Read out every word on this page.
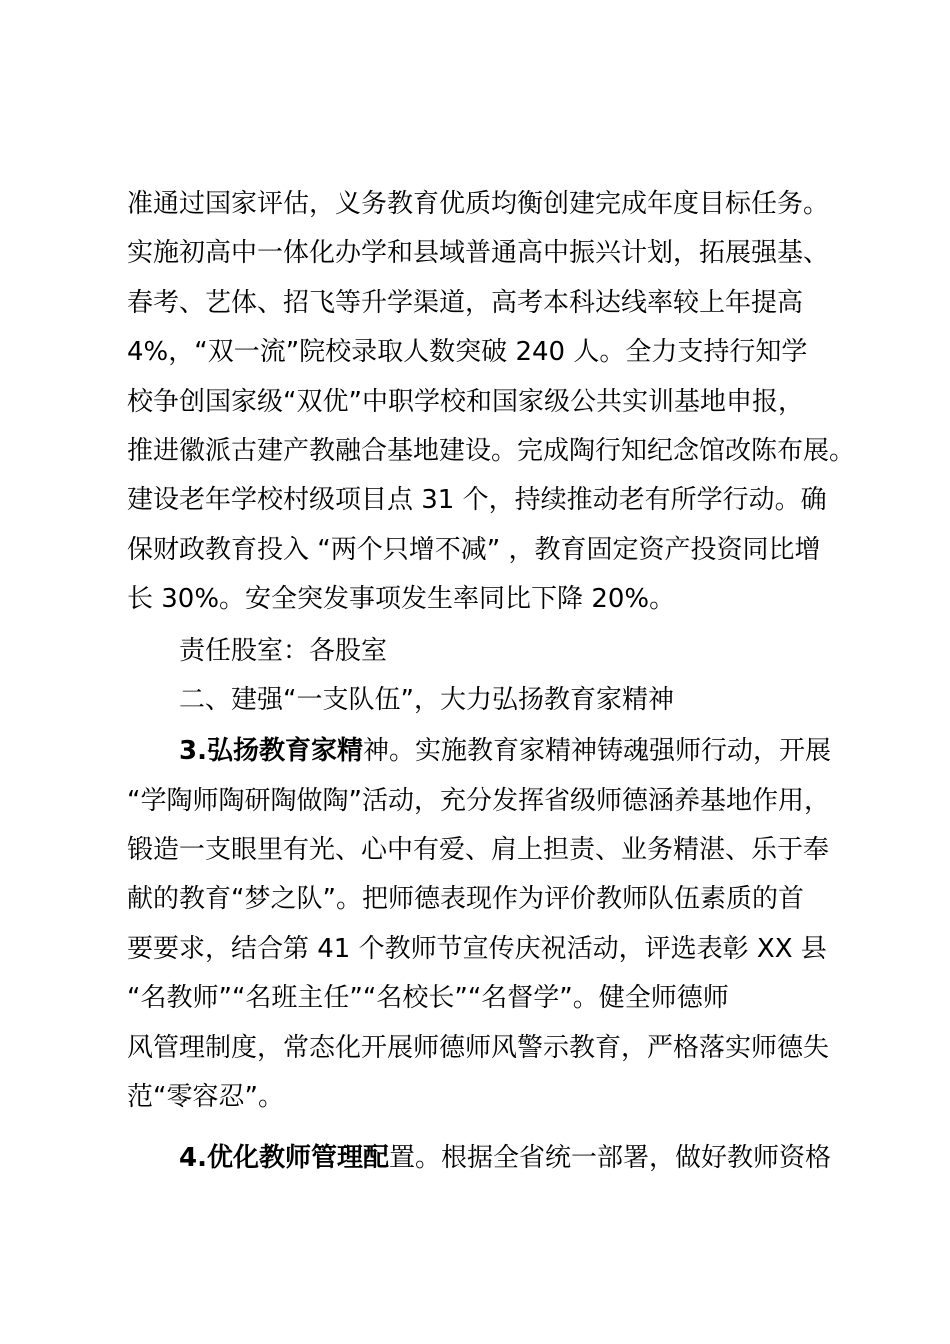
准通过国家评估，义务教育优质均衡创建完成年度目标任务。
实施初高中一体化办学和县域普通高中振兴计划，拓展强基、
春考、艺体、招飞等升学渠道，高考本科达线率较上年提高
4%，“双一流”院校录取人数突破 240 人。全力支持行知学
校争创国家级“双优”中职学校和国家级公共实训基地申报，
推进徽派古建产教融合基地建设。完成陶行知纪念馆改陈布展。
建设老年学校村级项目点 31 个，持续推动老有所学行动。确
保财政教育投入 “两个只增不减” ，教育固定资产投资同比增
长 30%。安全突发事项发生率同比下降 20%。
责任股室：各股室
二、建强“一支队伍”，大力弘扬教育家精神
3.弘扬教育家精神。实施教育家精神铸魂强师行动，开展
“学陶师陶研陶做陶”活动，充分发挥省级师德涵养基地作用，
锻造一支眼里有光、心中有爱、肩上担责、业务精湛、乐于奉
献的教育“梦之队”。把师德表现作为评价教师队伍素质的首
要要求，结合第 41 个教师节宣传庆祝活动，评选表彰 XX 县
“名教师”“名班主任”“名校长”“名督学”。健全师德师
风管理制度，常态化开展师德师风警示教育，严格落实师德失
范“零容忍”。
4.优化教师管理配置。根据全省统一部署，做好教师资格
